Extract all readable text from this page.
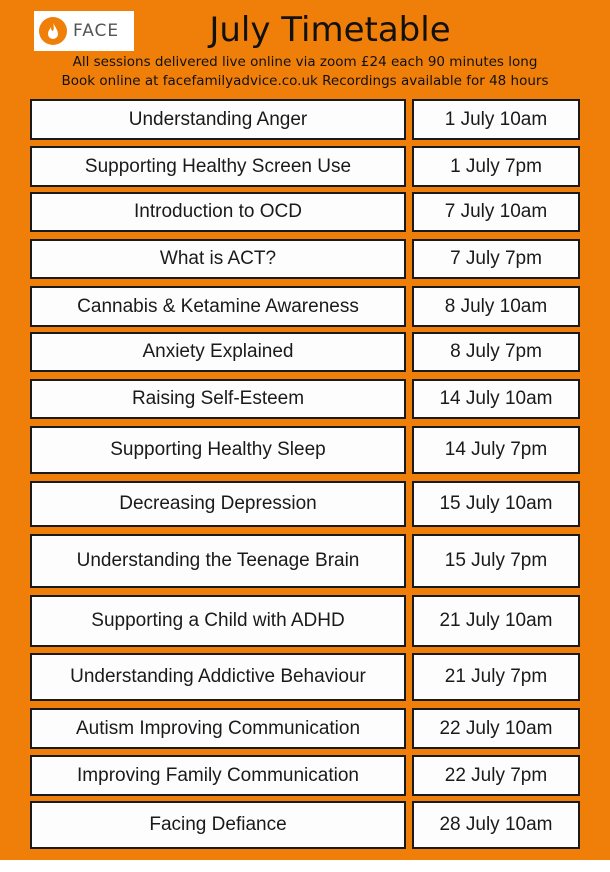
FACE	July Timetable
All sessions delivered live online via zoom £24 each 90 minutes long
Book online at facefamilyadvice.co.uk Recordings available for 48 hours
Understanding Anger	1 July 10am
Supporting Healthy Screen Use	1 July 7pm
Introduction to OCD	7 July 10am
What is ACT?	7 July 7pm
Cannabis & Ketamine Awareness	8 July 10am
Anxiety Explained	8 July 7pm
Raising Self-Esteem	14 July 10am
Supporting Healthy Sleep	14 July 7pm
Decreasing Depression	15 July 10am
Understanding the Teenage Brain	15 July 7pm
Supporting a Child with ADHD	21 July 10am
Understanding Addictive Behaviour	21 July 7pm
Autism Improving Communication	22 July 10am
Improving Family Communication	22 July 7pm
Facing Defiance	28 July 10am
